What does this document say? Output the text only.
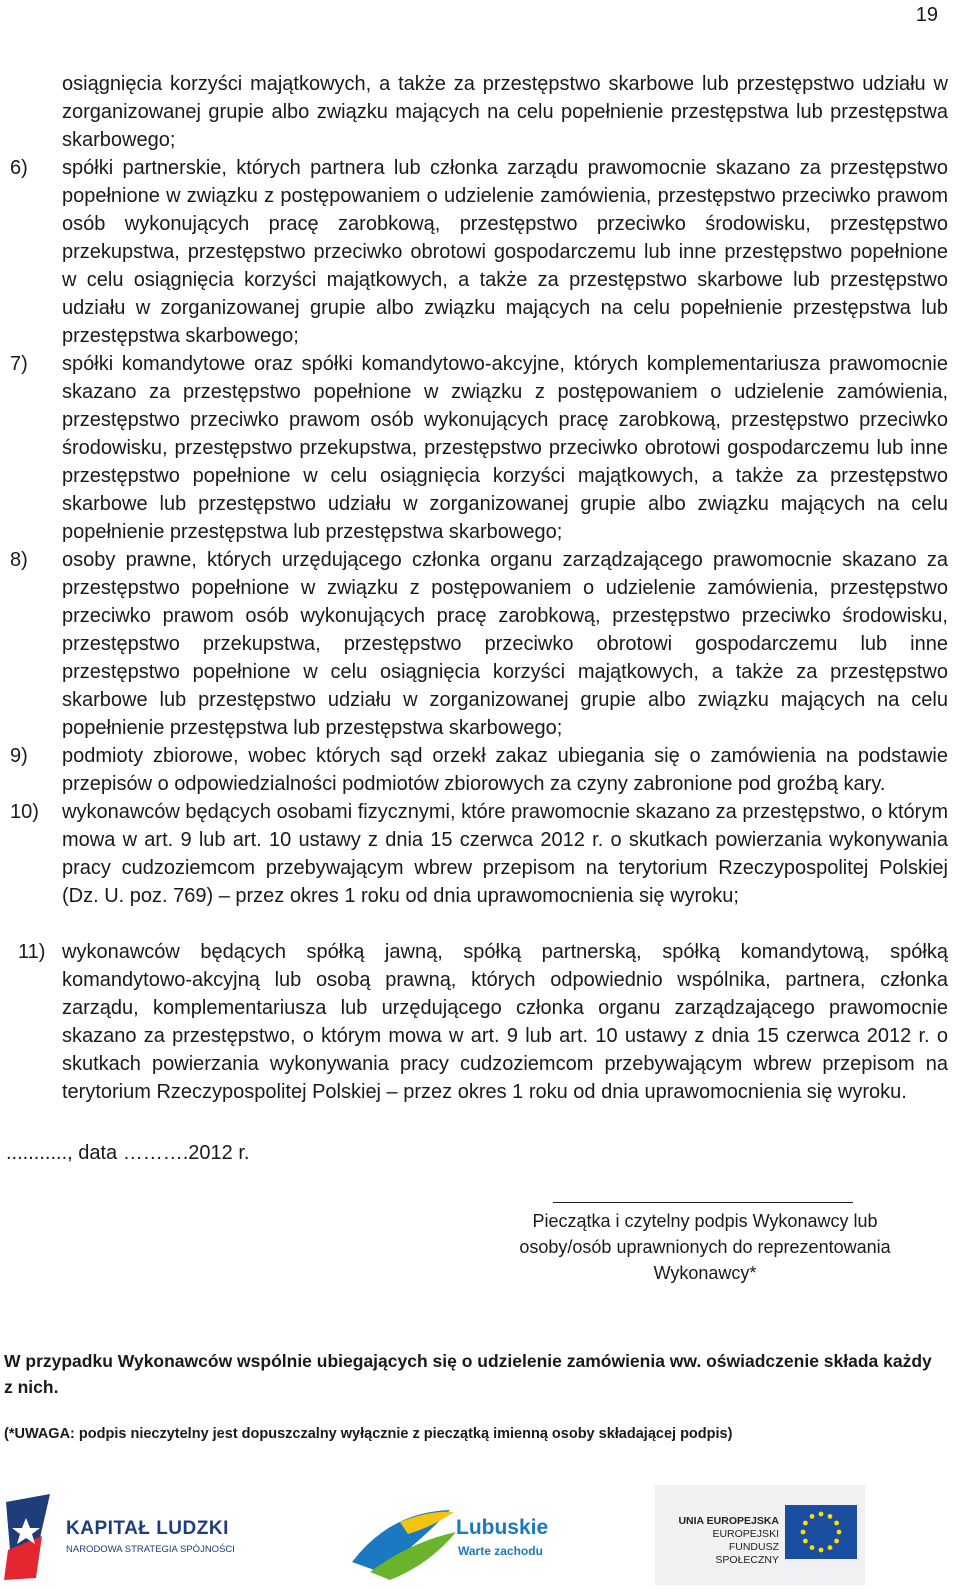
19
osiągnięcia korzyści majątkowych, a także za przestępstwo skarbowe lub przestępstwo udziału w zorganizowanej grupie albo związku mających na celu popełnienie przestępstwa lub przestępstwa skarbowego;
6) spółki partnerskie, których partnera lub członka zarządu prawomocnie skazano za przestępstwo popełnione w związku z postępowaniem o udzielenie zamówienia, przestępstwo przeciwko prawom osób wykonujących pracę zarobkową, przestępstwo przeciwko środowisku, przestępstwo przekupstwa, przestępstwo przeciwko obrotowi gospodarczemu lub inne przestępstwo popełnione w celu osiągnięcia korzyści majątkowych, a także za przestępstwo skarbowe lub przestępstwo udziału w zorganizowanej grupie albo związku mających na celu popełnienie przestępstwa lub przestępstwa skarbowego;
7) spółki komandytowe oraz spółki komandytowo-akcyjne, których komplementariusza prawomocnie skazano za przestępstwo popełnione w związku z postępowaniem o udzielenie zamówienia, przestępstwo przeciwko prawom osób wykonujących pracę zarobkową, przestępstwo przeciwko środowisku, przestępstwo przekupstwa, przestępstwo przeciwko obrotowi gospodarczemu lub inne przestępstwo popełnione w celu osiągnięcia korzyści majątkowych, a także za przestępstwo skarbowe lub przestępstwo udziału w zorganizowanej grupie albo związku mających na celu popełnienie przestępstwa lub przestępstwa skarbowego;
8) osoby prawne, których urzędującego członka organu zarządzającego prawomocnie skazano za przestępstwo popełnione w związku z postępowaniem o udzielenie zamówienia, przestępstwo przeciwko prawom osób wykonujących pracę zarobkową, przestępstwo przeciwko środowisku, przestępstwo przekupstwa, przestępstwo przeciwko obrotowi gospodarczemu lub inne przestępstwo popełnione w celu osiągnięcia korzyści majątkowych, a także za przestępstwo skarbowe lub przestępstwo udziału w zorganizowanej grupie albo związku mających na celu popełnienie przestępstwa lub przestępstwa skarbowego;
9) podmioty zbiorowe, wobec których sąd orzekł zakaz ubiegania się o zamówienia na podstawie przepisów o odpowiedzialności podmiotów zbiorowych za czyny zabronione pod groźbą kary.
10) wykonawców będących osobami fizycznymi, które prawomocnie skazano za przestępstwo, o którym mowa w art. 9 lub art. 10 ustawy z dnia 15 czerwca 2012 r. o skutkach powierzania wykonywania pracy cudzoziemcom przebywającym wbrew przepisom na terytorium Rzeczypospolitej Polskiej (Dz. U. poz. 769) – przez okres 1 roku od dnia uprawomocnienia się wyroku;
11) wykonawców będących spółką jawną, spółką partnerską, spółką komandytową, spółką komandytowo-akcyjną lub osobą prawną, których odpowiednio wspólnika, partnera, członka zarządu, komplementariusza lub urzędującego członka organu zarządzającego prawomocnie skazano za przestępstwo, o którym mowa w art. 9 lub art. 10 ustawy z dnia 15 czerwca 2012 r. o skutkach powierzania wykonywania pracy cudzoziemcom przebywającym wbrew przepisom na terytorium Rzeczypospolitej Polskiej – przez okres 1 roku od dnia uprawomocnienia się wyroku.
..........., data ……….2012 r.
Pieczątka i czytelny podpis Wykonawcy lub
osoby/osób uprawnionych do reprezentowania
Wykonawcy*
W przypadku Wykonawców wspólnie ubiegających się o udzielenie zamówienia ww. oświadczenie składa każdy z nich.
(*UWAGA: podpis nieczytelny jest dopuszczalny wyłącznie z pieczątką imienną osoby składającej podpis)
KAPITAŁ LUDZKI
NARODOWA STRATEGIA SPÓJNOŚCI
Lubuskie
Warte zachodu
UNIA EUROPEJSKA
EUROPEJSKI
FUNDUSZ SPOŁECZNY
